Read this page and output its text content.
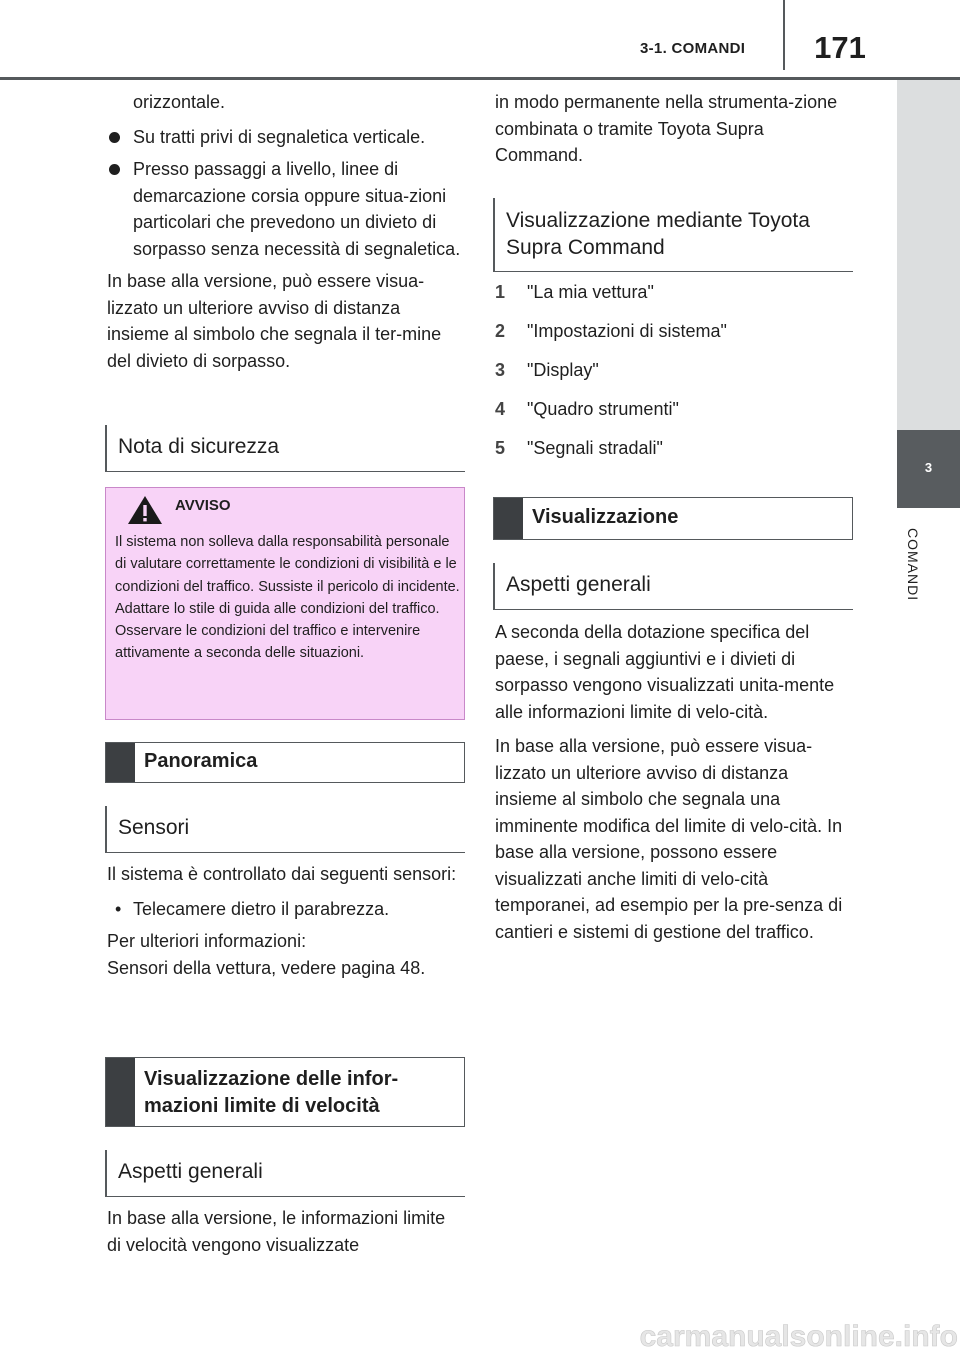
3-1. COMANDI	171
3
COMANDI

orizzontale.

Su tratti privi di segnaletica verticale.
Presso passaggi a livello, linee di demarcazione corsia oppure situa-zioni particolari che prevedono un divieto di sorpasso senza necessità di segnaletica.

In base alla versione, può essere visua-lizzato un ulteriore avviso di distanza insieme al simbolo che segnala il ter-mine del divieto di sorpasso.

Nota di sicurezza
AVVISO
Il sistema non solleva dalla responsabilità personale di valutare correttamente le condizioni di visibilità e le condizioni del traffico. Sussiste il pericolo di incidente. Adattare lo stile di guida alle condizioni del traffico. Osservare le condizioni del traffico e intervenire attivamente a seconda delle situazioni.
Panoramica
Sensori

Il sistema è controllato dai seguenti sensori:

• Telecamere dietro il parabrezza.

Per ulteriori informazioni:

Sensori della vettura, vedere pagina 48.

Visualizzazione delle infor-mazioni limite di velocità
Aspetti generali

In base alla versione, le informazioni limite di velocità vengono visualizzate

in modo permanente nella strumenta-zione combinata o tramite Toyota Supra Command.

Visualizzazione mediante Toyota Supra Command
1 "La mia vettura"
2 "Impostazioni di sistema"
3 "Display"
4 "Quadro strumenti"
5 "Segnali stradali"
Visualizzazione
Aspetti generali

A seconda della dotazione specifica del paese, i segnali aggiuntivi e i divieti di sorpasso vengono visualizzati unita-mente alle informazioni limite di velo-cità.

In base alla versione, può essere visua-lizzato un ulteriore avviso di distanza insieme al simbolo che segnala una imminente modifica del limite di velo-cità. In base alla versione, possono essere visualizzati anche limiti di velo-cità temporanei, ad esempio per la pre-senza di cantieri e sistemi di gestione del traffico.

carmanualsonline.info
